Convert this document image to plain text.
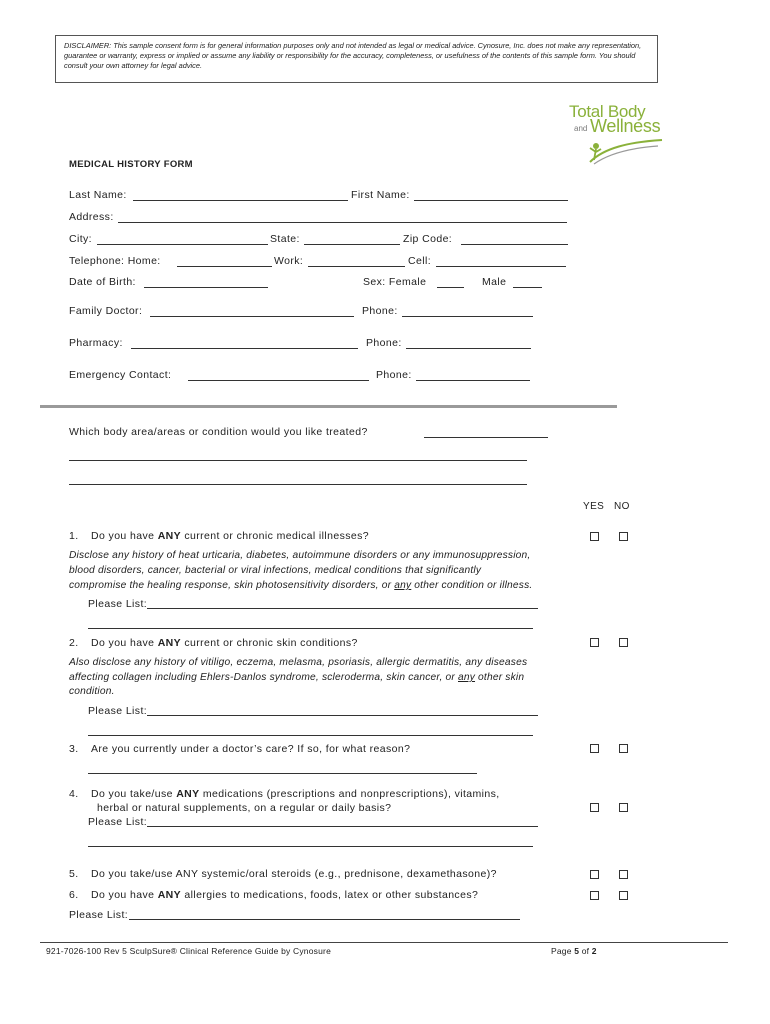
DISCLAIMER: This sample consent form is for general information purposes only and not intended as legal or medical advice. Cynosure, Inc. does not make any representation, guarantee or warranty, express or implied or assume any liability or responsibility for the accuracy, completeness, or usefulness of the contents of this sample form. You should consult your own attorney for legal advice.
Total Body
and Wellness
MEDICAL HISTORY FORM
Last Name:	First Name:
Address:
City:	State:	Zip Code:
Telephone: Home:	Work:	Cell:
Date of Birth:	Sex: Female	Male
Family Doctor:	Phone:
Pharmacy:	Phone:
Emergency Contact:	Phone:
Which body area/areas or condition would you like treated?
YES NO
1. Do you have ANY current or chronic medical illnesses?
Disclose any history of heat urticaria, diabetes, autoimmune disorders or any immunosuppression,
blood disorders, cancer, bacterial or viral infections, medical conditions that significantly
compromise the healing response, skin photosensitivity disorders, or any other condition or illness.
Please List:
2. Do you have ANY current or chronic skin conditions?
Also disclose any history of vitiligo, eczema, melasma, psoriasis, allergic dermatitis, any diseases
affecting collagen including Ehlers-Danlos syndrome, scleroderma, skin cancer, or any other skin
condition.
Please List:
3. Are you currently under a doctor’s care? If so, for what reason?
4. Do you take/use ANY medications (prescriptions and nonprescriptions), vitamins,
herbal or natural supplements, on a regular or daily basis?
Please List:
5. Do you take/use ANY systemic/oral steroids (e.g., prednisone, dexamethasone)?
6. Do you have ANY allergies to medications, foods, latex or other substances?
Please List:
921-7026-100 Rev 5 SculpSure® Clinical Reference Guide by Cynosure	Page 5 of 2
